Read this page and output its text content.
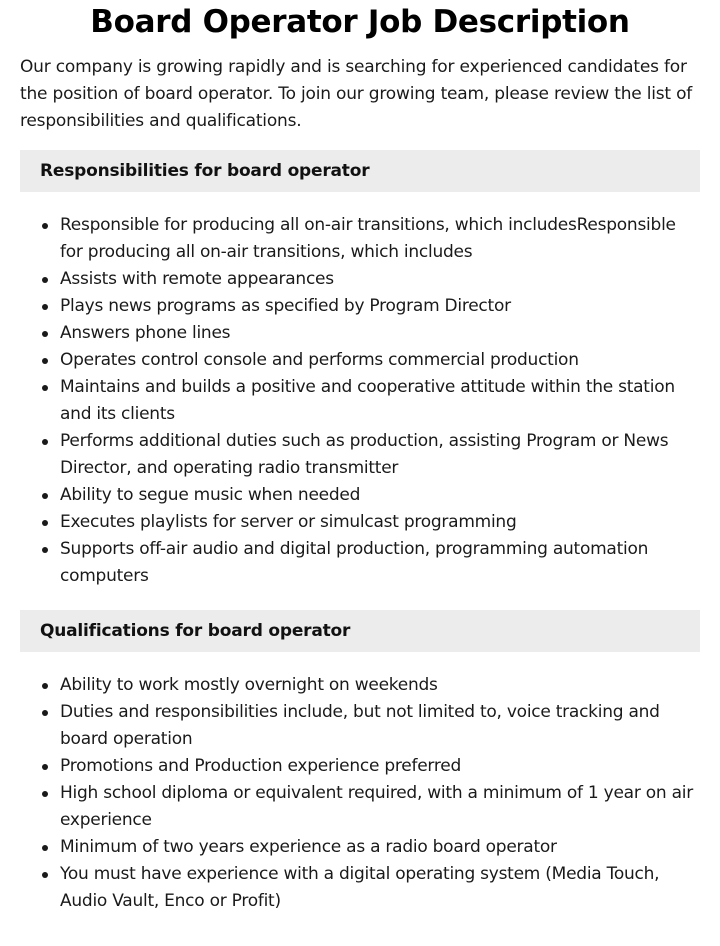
Board Operator Job Description

Our company is growing rapidly and is searching for experienced candidates for the position of board operator. To join our growing team, please review the list of responsibilities and qualifications.

Responsibilities for board operator
Responsible for producing all on-air transitions, which includesResponsible for producing all on-air transitions, which includes
Assists with remote appearances
Plays news programs as specified by Program Director
Answers phone lines
Operates control console and performs commercial production
Maintains and builds a positive and cooperative attitude within the station and its clients
Performs additional duties such as production, assisting Program or News Director, and operating radio transmitter
Ability to segue music when needed
Executes playlists for server or simulcast programming
Supports off-air audio and digital production, programming automation computers
Qualifications for board operator
Ability to work mostly overnight on weekends
Duties and responsibilities include, but not limited to, voice tracking and board operation
Promotions and Production experience preferred
High school diploma or equivalent required, with a minimum of 1 year on air experience
Minimum of two years experience as a radio board operator
You must have experience with a digital operating system (Media Touch, Audio Vault, Enco or Profit)
